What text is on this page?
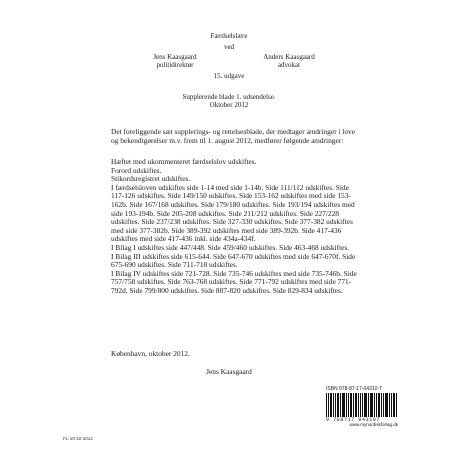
Færdselslære
ved
Jens Kaasgaard
politidirektør
Anders Kaasgaard
advokat
15. udgave
Supplerende blade 1. udsendelse.
Oktober 2012
Det foreliggende sæt supplerings- og rettelsesblade, der medtager ændringer i love
og bekendtgørelser m.v. frem til 1. august 2012, medfører følgende ændringer:
Hæftet med ukommenteret færdselslov udskiftes.
Forord udskiftes.
Stikordsregistret udskiftes.
I færdselsloven udskiftes side 1-14 med side 1-14b. Side 111/112 udskiftes. Side 117-126 udskiftes. Side 149/150 udskiftes. Side 153-162 udskiftes med side 153-162b. Side 167/168 udskiftes. Side 179/180 udskiftes. Side 193/194 udskiftes med side 193-194b. Side 205-208 udskiftes. Side 211/212 udskiftes. Side 227/228 udskiftes. Side 237/238 udskiftes. Side 327-330 udskiftes. Side 377-382 udskiftes med side 377-382b. Side 389-392 udskiftes med side 389-392b. Side 417-436 udskiftes med side 417-436 inkl. side 434a-434f.
I Bilag I udskiftes side 447/448. Side 459/460 udskiftes. Side 463-468 udskiftes.
I Bilag III udskiftes side 615-644. Side 647-670 udskiftes med side 647-670f. Side 675-690 udskiftes. Side 711-718 udskiftes.
I Bilag IV udskiftes side 721-728. Side 735-746 udskiftes med side 735-746b. Side 757/758 udskiftes. Side 763-768 udskiftes. Side 771-792 udskiftes med side 771-792d. Side 799/800 udskiftes. Side 807-820 udskiftes. Side 829-834 udskiftes.
København, oktober 2012.
Jens Kaasgaard
ISBN 978-87-17-04310-7
9 788717 043107
www.mynordiskforlag.dk
FL-10-10-2012
